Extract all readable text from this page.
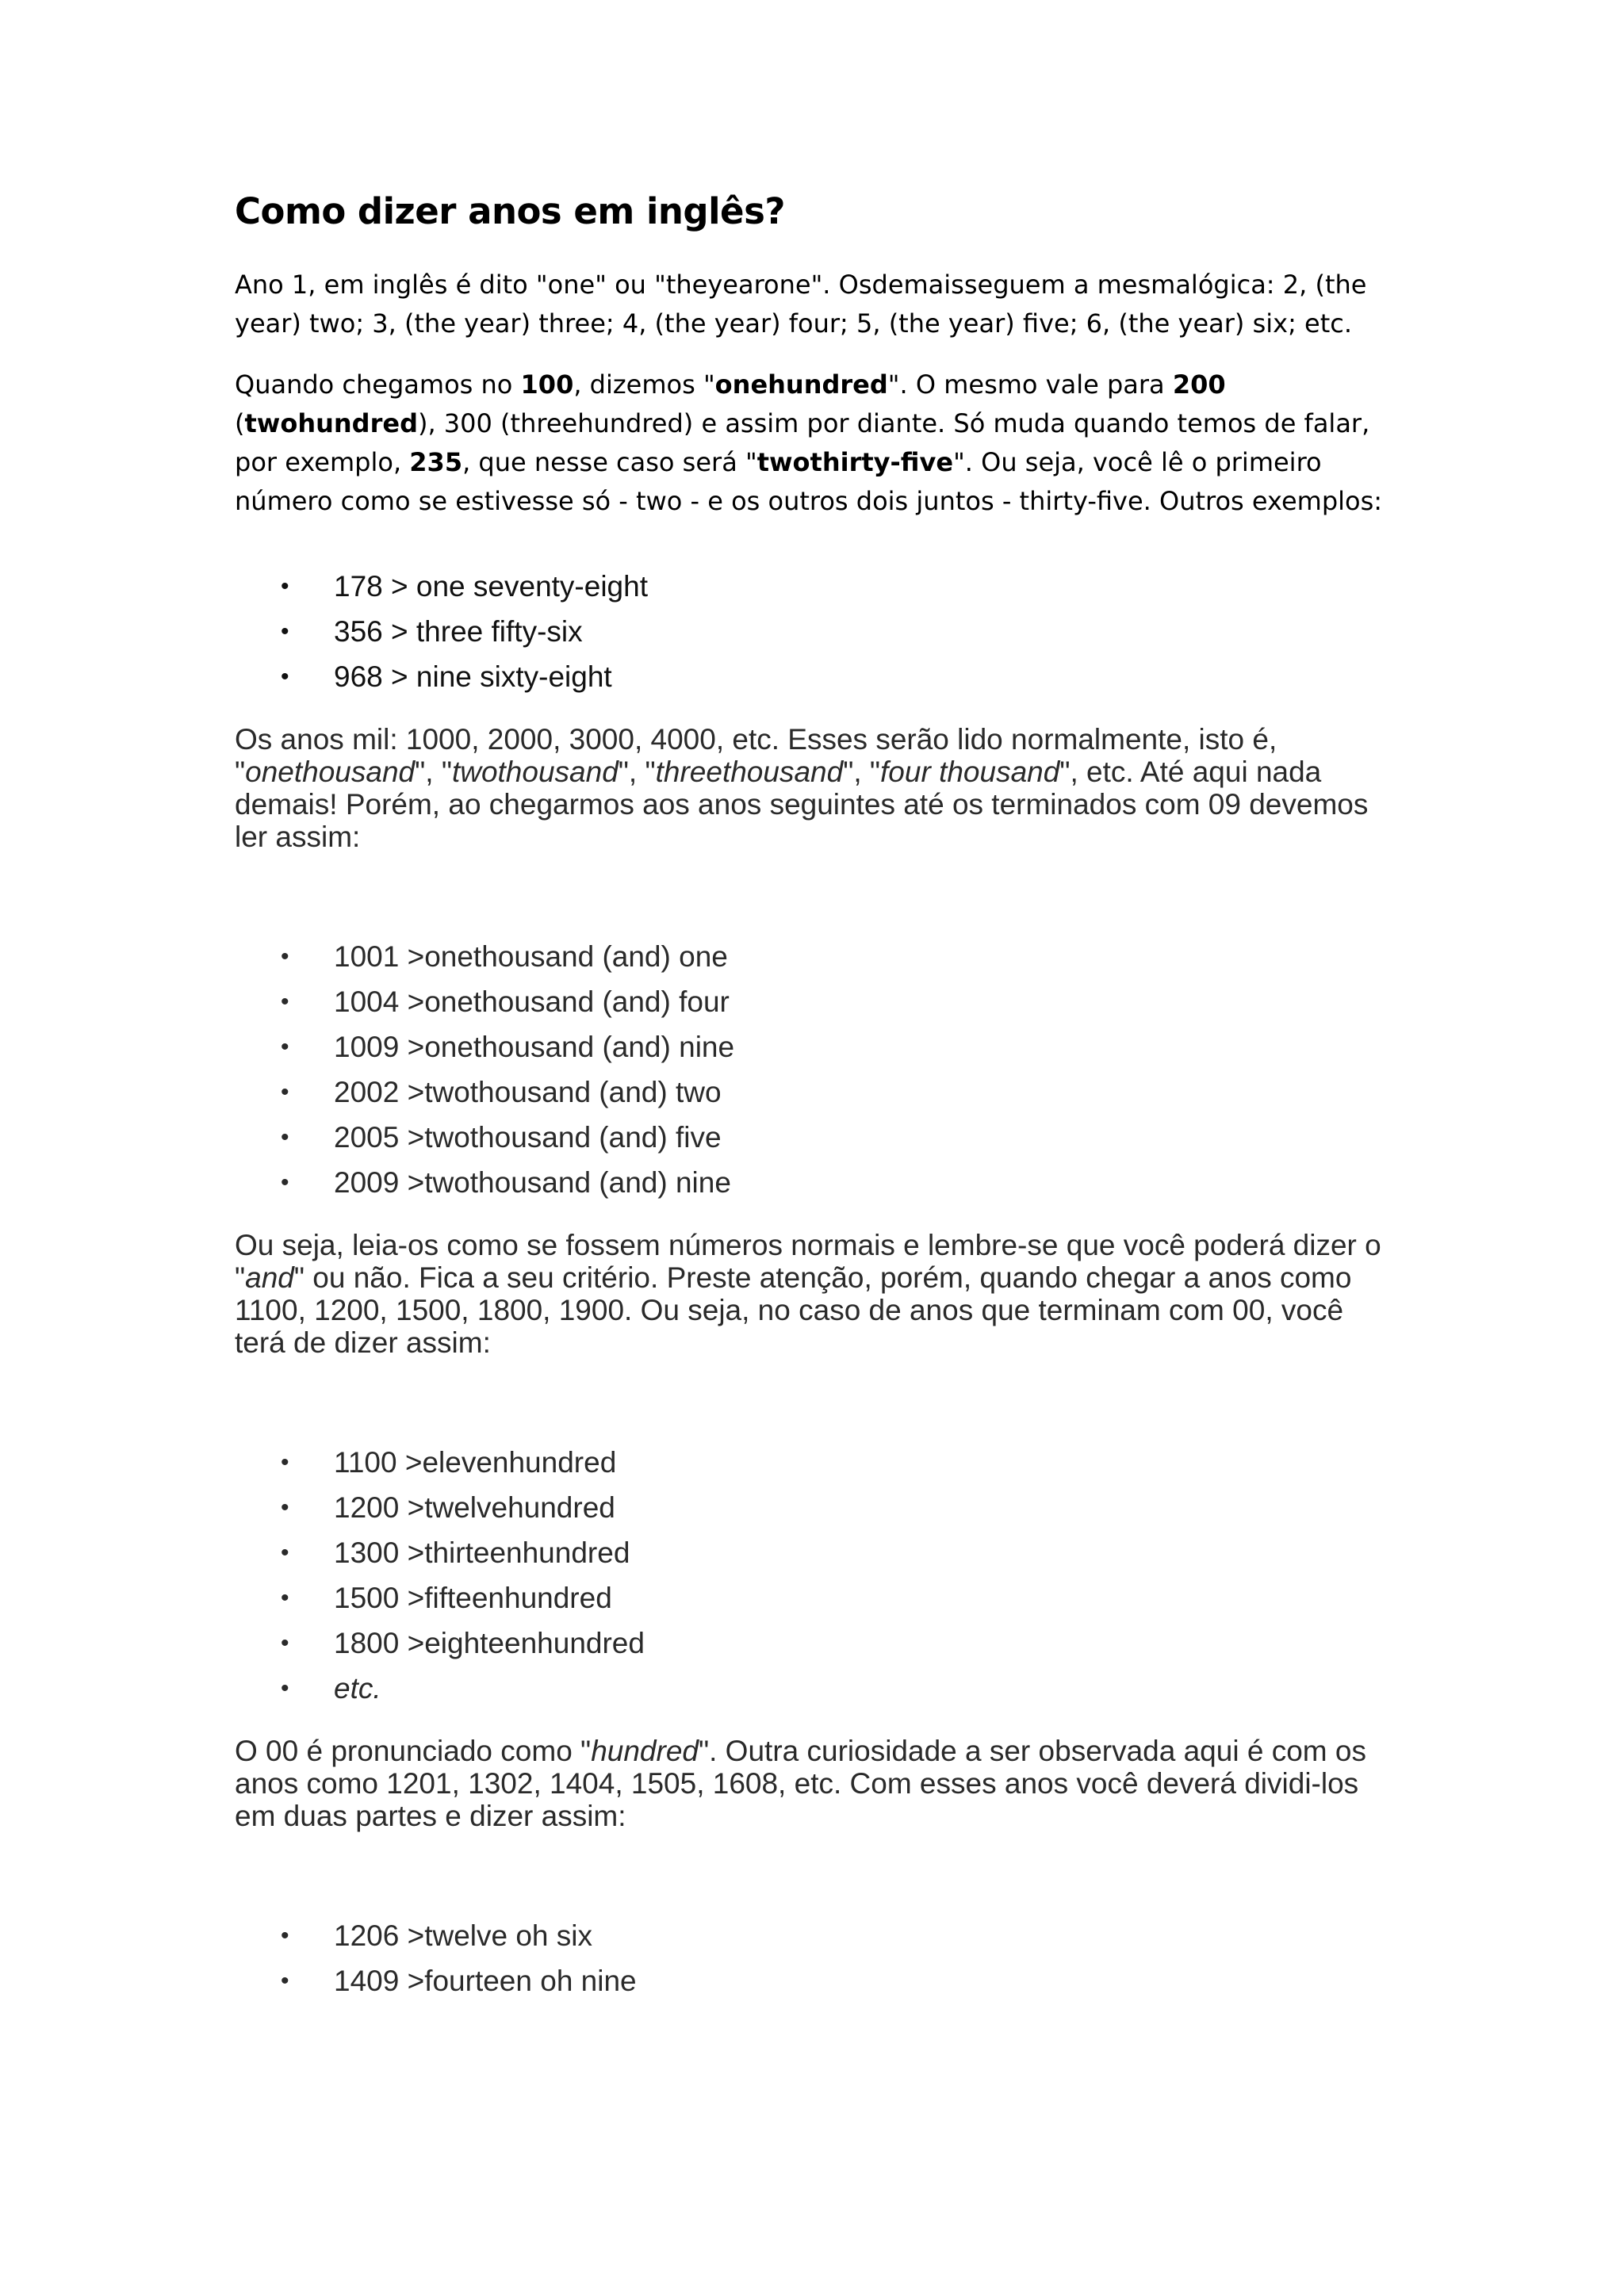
Como dizer anos em inglês?

Ano 1, em inglês é dito "one" ou "theyearone". Osdemaisseguem a mesmalógica: 2, (the year) two; 3, (the year) three; 4, (the year) four; 5, (the year) five; 6, (the year) six; etc.

Quando chegamos no 100, dizemos "onehundred". O mesmo vale para 200 (twohundred), 300 (threehundred) e assim por diante. Só muda quando temos de falar, por exemplo, 235, que nesse caso será "twothirty-five". Ou seja, você lê o primeiro número como se estivesse só - two - e os outros dois juntos - thirty-five. Outros exemplos:

• 178 > one seventy-eight
• 356 > three fifty-six
• 968 > nine sixty-eight

Os anos mil: 1000, 2000, 3000, 4000, etc. Esses serão lido normalmente, isto é, "onethousand", "twothousand", "threethousand", "four thousand", etc. Até aqui nada demais! Porém, ao chegarmos aos anos seguintes até os terminados com 09 devemos ler assim:

• 1001 >onethousand (and) one
• 1004 >onethousand (and) four
• 1009 >onethousand (and) nine
• 2002 >twothousand (and) two
• 2005 >twothousand (and) five
• 2009 >twothousand (and) nine

Ou seja, leia-os como se fossem números normais e lembre-se que você poderá dizer o "and" ou não. Fica a seu critério. Preste atenção, porém, quando chegar a anos como 1100, 1200, 1500, 1800, 1900. Ou seja, no caso de anos que terminam com 00, você terá de dizer assim:

• 1100 >elevenhundred
• 1200 >twelvehundred
• 1300 >thirteenhundred
• 1500 >fifteenhundred
• 1800 >eighteenhundred
• etc.

O 00 é pronunciado como "hundred". Outra curiosidade a ser observada aqui é com os anos como 1201, 1302, 1404, 1505, 1608, etc. Com esses anos você deverá dividi-los em duas partes e dizer assim:

• 1206 >twelve oh six
• 1409 >fourteen oh nine
